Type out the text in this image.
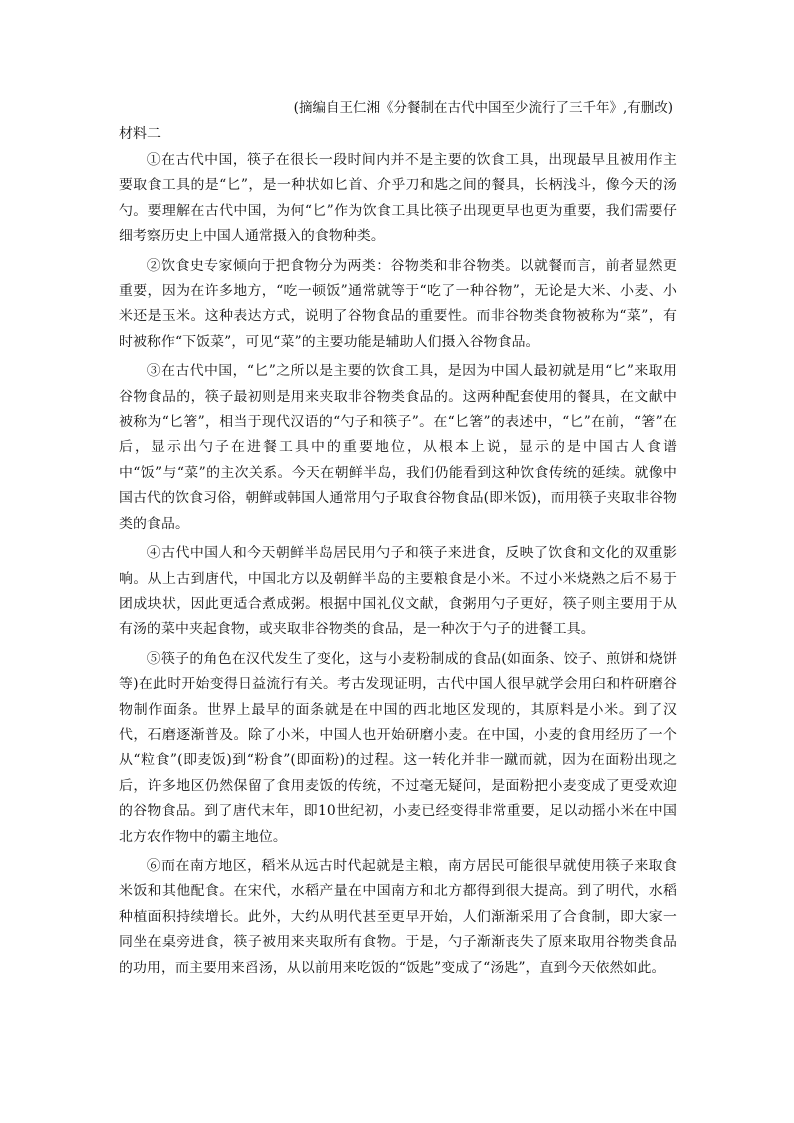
(摘编自王仁湘《分餐制在古代中国至少流行了三千年》,有删改)
材料二

①在古代中国，筷子在很长一段时间内并不是主要的饮食工具，出现最早且被用作主要取食工具的是“匕”，是一种状如匕首、介乎刀和匙之间的餐具，长柄浅斗，像今天的汤勺。要理解在古代中国，为何“匕”作为饮食工具比筷子出现更早也更为重要，我们需要仔细考察历史上中国人通常摄入的食物种类。

②饮食史专家倾向于把食物分为两类：谷物类和非谷物类。以就餐而言，前者显然更重要，因为在许多地方，“吃一顿饭”通常就等于“吃了一种谷物”，无论是大米、小麦、小米还是玉米。这种表达方式，说明了谷物食品的重要性。而非谷物类食物被称为“菜”，有时被称作“下饭菜”，可见“菜”的主要功能是辅助人们摄入谷物食品。

③在古代中国，“匕”之所以是主要的饮食工具，是因为中国人最初就是用“匕”来取用谷物食品的，筷子最初则是用来夹取非谷物类食品的。这两种配套使用的餐具，在文献中被称为“匕箸”，相当于现代汉语的“勺子和筷子”。在“匕箸”的表述中，“匕”在前，“箸”在后，显示出勺子在进餐工具中的重要地位，从根本上说，显示的是中国古人食谱中“饭”与“菜”的主次关系。今天在朝鲜半岛，我们仍能看到这种饮食传统的延续。就像中国古代的饮食习俗，朝鲜或韩国人通常用勺子取食谷物食品(即米饭)，而用筷子夹取非谷物类的食品。

④古代中国人和今天朝鲜半岛居民用勺子和筷子来进食，反映了饮食和文化的双重影响。从上古到唐代，中国北方以及朝鲜半岛的主要粮食是小米。不过小米烧熟之后不易于团成块状，因此更适合煮成粥。根据中国礼仪文献，食粥用勺子更好，筷子则主要用于从有汤的菜中夹起食物，或夹取非谷物类的食品，是一种次于勺子的进餐工具。

⑤筷子的角色在汉代发生了变化，这与小麦粉制成的食品(如面条、饺子、煎饼和烧饼等)在此时开始变得日益流行有关。考古发现证明，古代中国人很早就学会用臼和杵研磨谷物制作面条。世界上最早的面条就是在中国的西北地区发现的，其原料是小米。到了汉代，石磨逐渐普及。除了小米，中国人也开始研磨小麦。在中国，小麦的食用经历了一个从“粒食”(即麦饭)到“粉食”(即面粉)的过程。这一转化并非一蹴而就，因为在面粉出现之后，许多地区仍然保留了食用麦饭的传统，不过毫无疑问，是面粉把小麦变成了更受欢迎的谷物食品。到了唐代末年，即10世纪初，小麦已经变得非常重要，足以动摇小米在中国北方农作物中的霸主地位。

⑥而在南方地区，稻米从远古时代起就是主粮，南方居民可能很早就使用筷子来取食米饭和其他配食。在宋代，水稻产量在中国南方和北方都得到很大提高。到了明代，水稻种植面积持续增长。此外，大约从明代甚至更早开始，人们渐渐采用了合食制，即大家一同坐在桌旁进食，筷子被用来夹取所有食物。于是，勺子渐渐丧失了原来取用谷物类食品的功用，而主要用来舀汤，从以前用来吃饭的“饭匙”变成了“汤匙”，直到今天依然如此。
